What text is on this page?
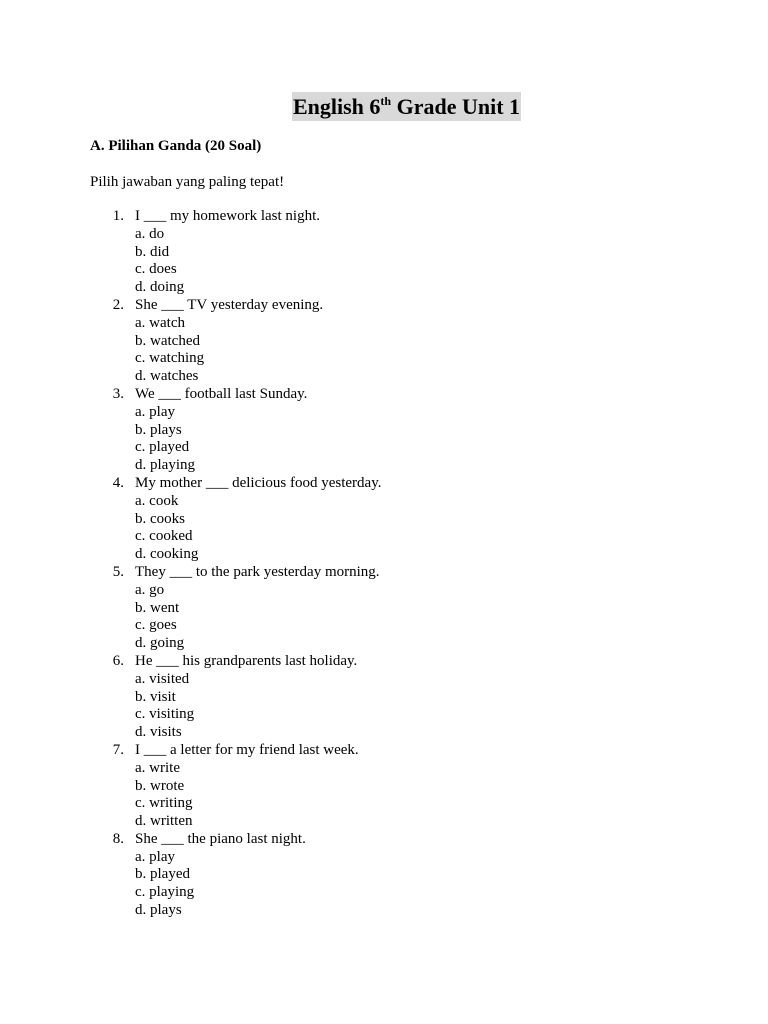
English 6th Grade Unit 1
A. Pilihan Ganda (20 Soal)
Pilih jawaban yang paling tepat!
1. I ___ my homework last night.
a. do
b. did
c. does
d. doing
2. She ___ TV yesterday evening.
a. watch
b. watched
c. watching
d. watches
3. We ___ football last Sunday.
a. play
b. plays
c. played
d. playing
4. My mother ___ delicious food yesterday.
a. cook
b. cooks
c. cooked
d. cooking
5. They ___ to the park yesterday morning.
a. go
b. went
c. goes
d. going
6. He ___ his grandparents last holiday.
a. visited
b. visit
c. visiting
d. visits
7. I ___ a letter for my friend last week.
a. write
b. wrote
c. writing
d. written
8. She ___ the piano last night.
a. play
b. played
c. playing
d. plays
